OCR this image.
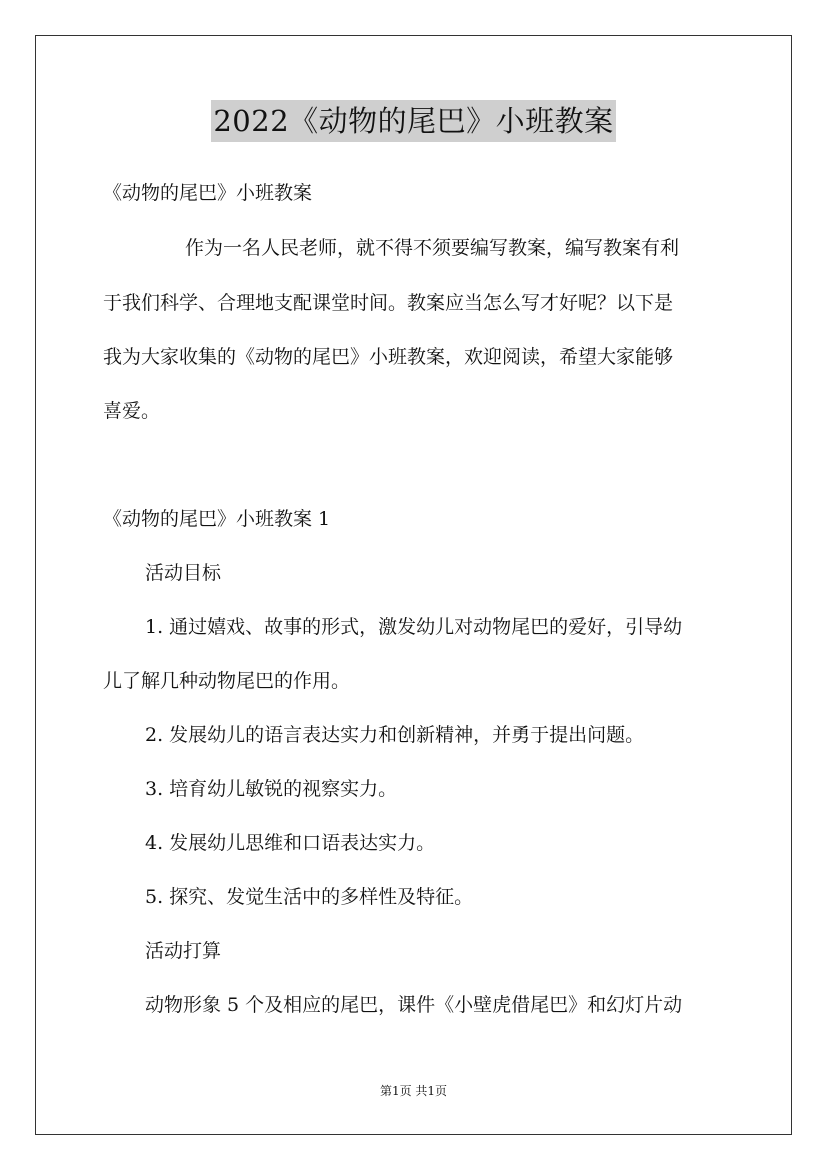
2022《动物的尾巴》小班教案
《动物的尾巴》小班教案
作为一名人民老师，就不得不须要编写教案，编写教案有利
于我们科学、合理地支配课堂时间。教案应当怎么写才好呢？以下是
我为大家收集的《动物的尾巴》小班教案，欢迎阅读，希望大家能够
喜爱。
《动物的尾巴》小班教案 1
活动目标
1. 通过嬉戏、故事的形式，激发幼儿对动物尾巴的爱好，引导幼
儿了解几种动物尾巴的作用。
2. 发展幼儿的语言表达实力和创新精神，并勇于提出问题。
3. 培育幼儿敏锐的视察实力。
4. 发展幼儿思维和口语表达实力。
5. 探究、发觉生活中的多样性及特征。
活动打算
动物形象 5 个及相应的尾巴，课件《小壁虎借尾巴》和幻灯片动
第1页 共1页
